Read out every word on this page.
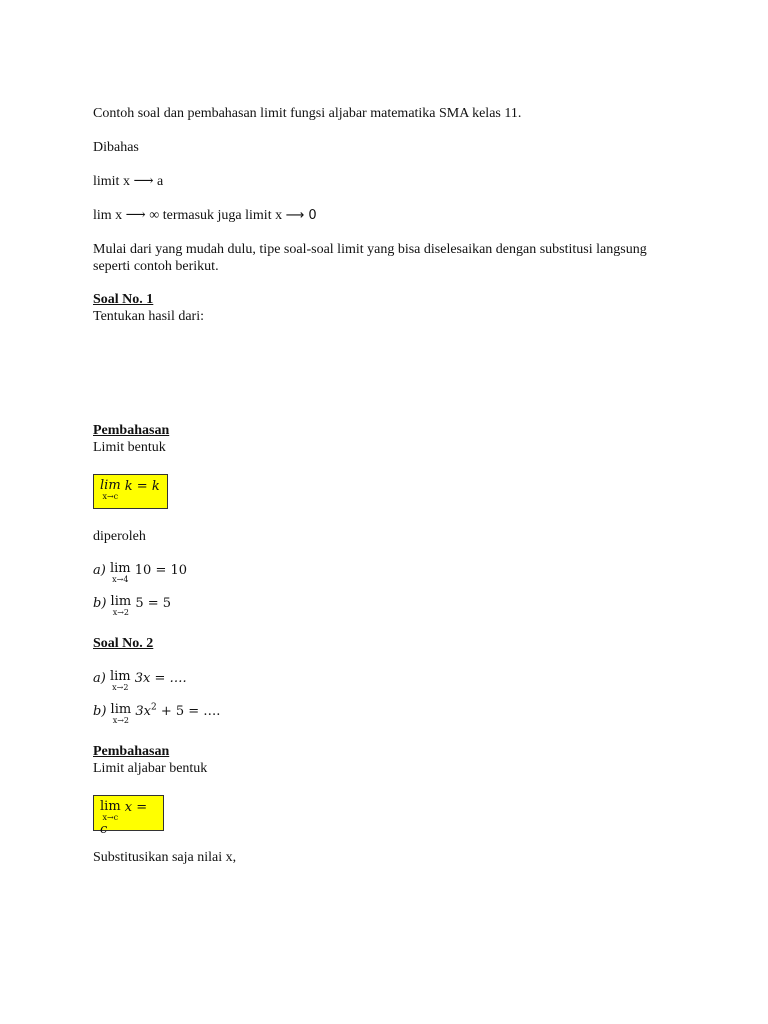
Contoh soal dan pembahasan limit fungsi aljabar matematika SMA kelas 11.
Dibahas
limit x ⟶ a
lim x ⟶ ∞ termasuk juga limit x ⟶ 0
Mulai dari yang mudah dulu, tipe soal-soal limit yang bisa diselesaikan dengan substitusi langsung seperti contoh berikut.
Soal No. 1
Tentukan hasil dari:
Pembahasan
Limit bentuk
lim
x→c
k = k
diperoleh
a) lim
x→4
10 = 10
b) lim
x→2
5 = 5
Soal No. 2
a) lim
x→2
3x = ….
b) lim
x→2
$3x^2 + 5$ = ….
Pembahasan
Limit aljabar bentuk
lim
x→c
x = c
Substitusikan saja nilai x,
